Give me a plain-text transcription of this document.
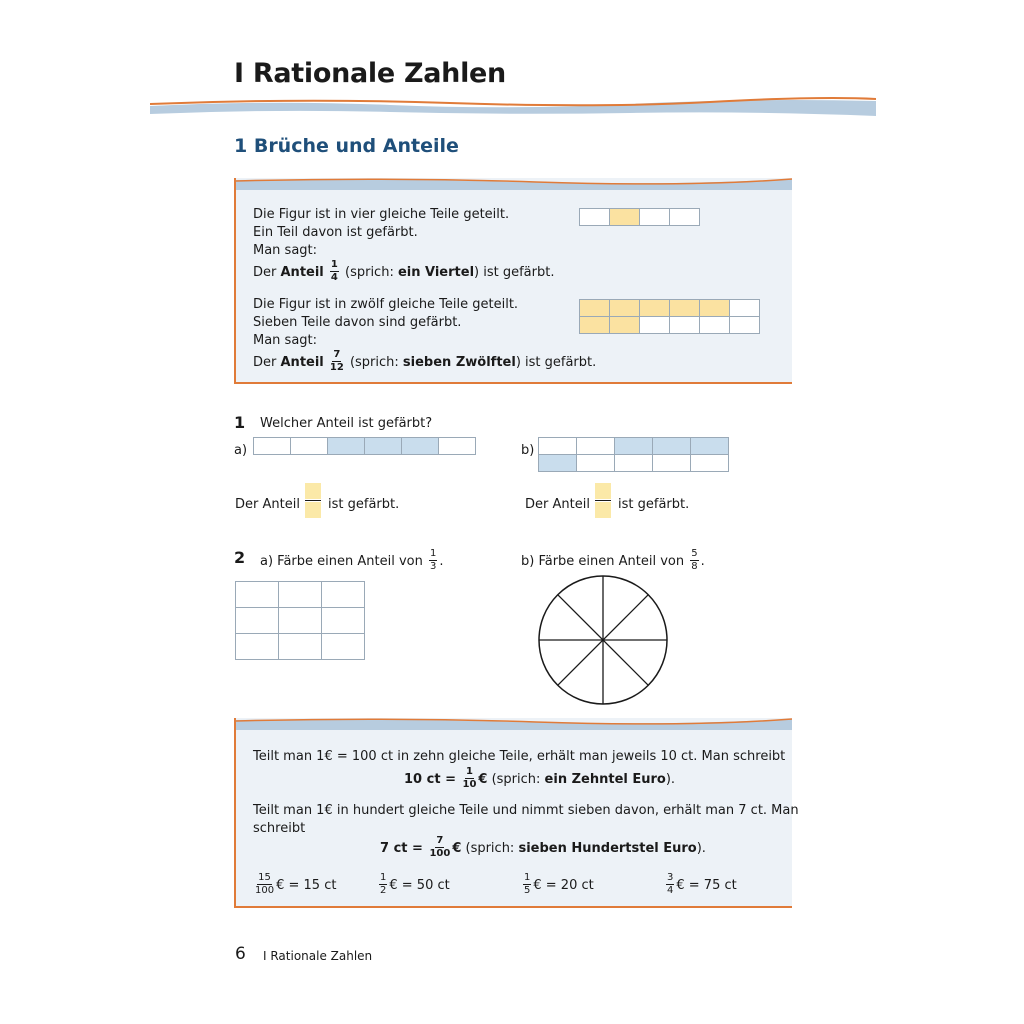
I Rationale Zahlen
1 Brüche und Anteile
Die Figur ist in vier gleiche Teile geteilt.
Ein Teil davon ist gefärbt.
Man sagt:
Der Anteil $\frac{1}{4}$ (sprich: ein Viertel) ist gefärbt.
Die Figur ist in zwölf gleiche Teile geteilt.
Sieben Teile davon sind gefärbt.
Man sagt:
Der Anteil $\frac{7}{12}$ (sprich: sieben Zwölftel) ist gefärbt.

1 Welcher Anteil ist gefärbt?
a)
						b)

Der Anteil ist gefärbt.	Der Anteil ist gefärbt.
2 a) Färbe einen Anteil von $\frac{1}{3}$ .	b) Färbe einen Anteil von $\frac{5}{8}$ .

Teilt man 1€ = 100 ct in zehn gleiche Teile, erhält man jeweils 10 ct. Man schreibt
10 ct = $\frac{1}{10}$ € (sprich: ein Zehntel Euro).
Teilt man 1€ in hundert gleiche Teile und nimmt sieben davon, erhält man 7 ct. Man
schreibt
7 ct = $\frac{7}{100}$ € (sprich: sieben Hundertstel Euro).
$\frac{15}{100}$ € = 15 ct	$\frac{1}{2}$ € = 50 ct	$\frac{1}{5}$ € = 20 ct	$\frac{3}{4}$ € = 75 ct
6 I Rationale Zahlen
